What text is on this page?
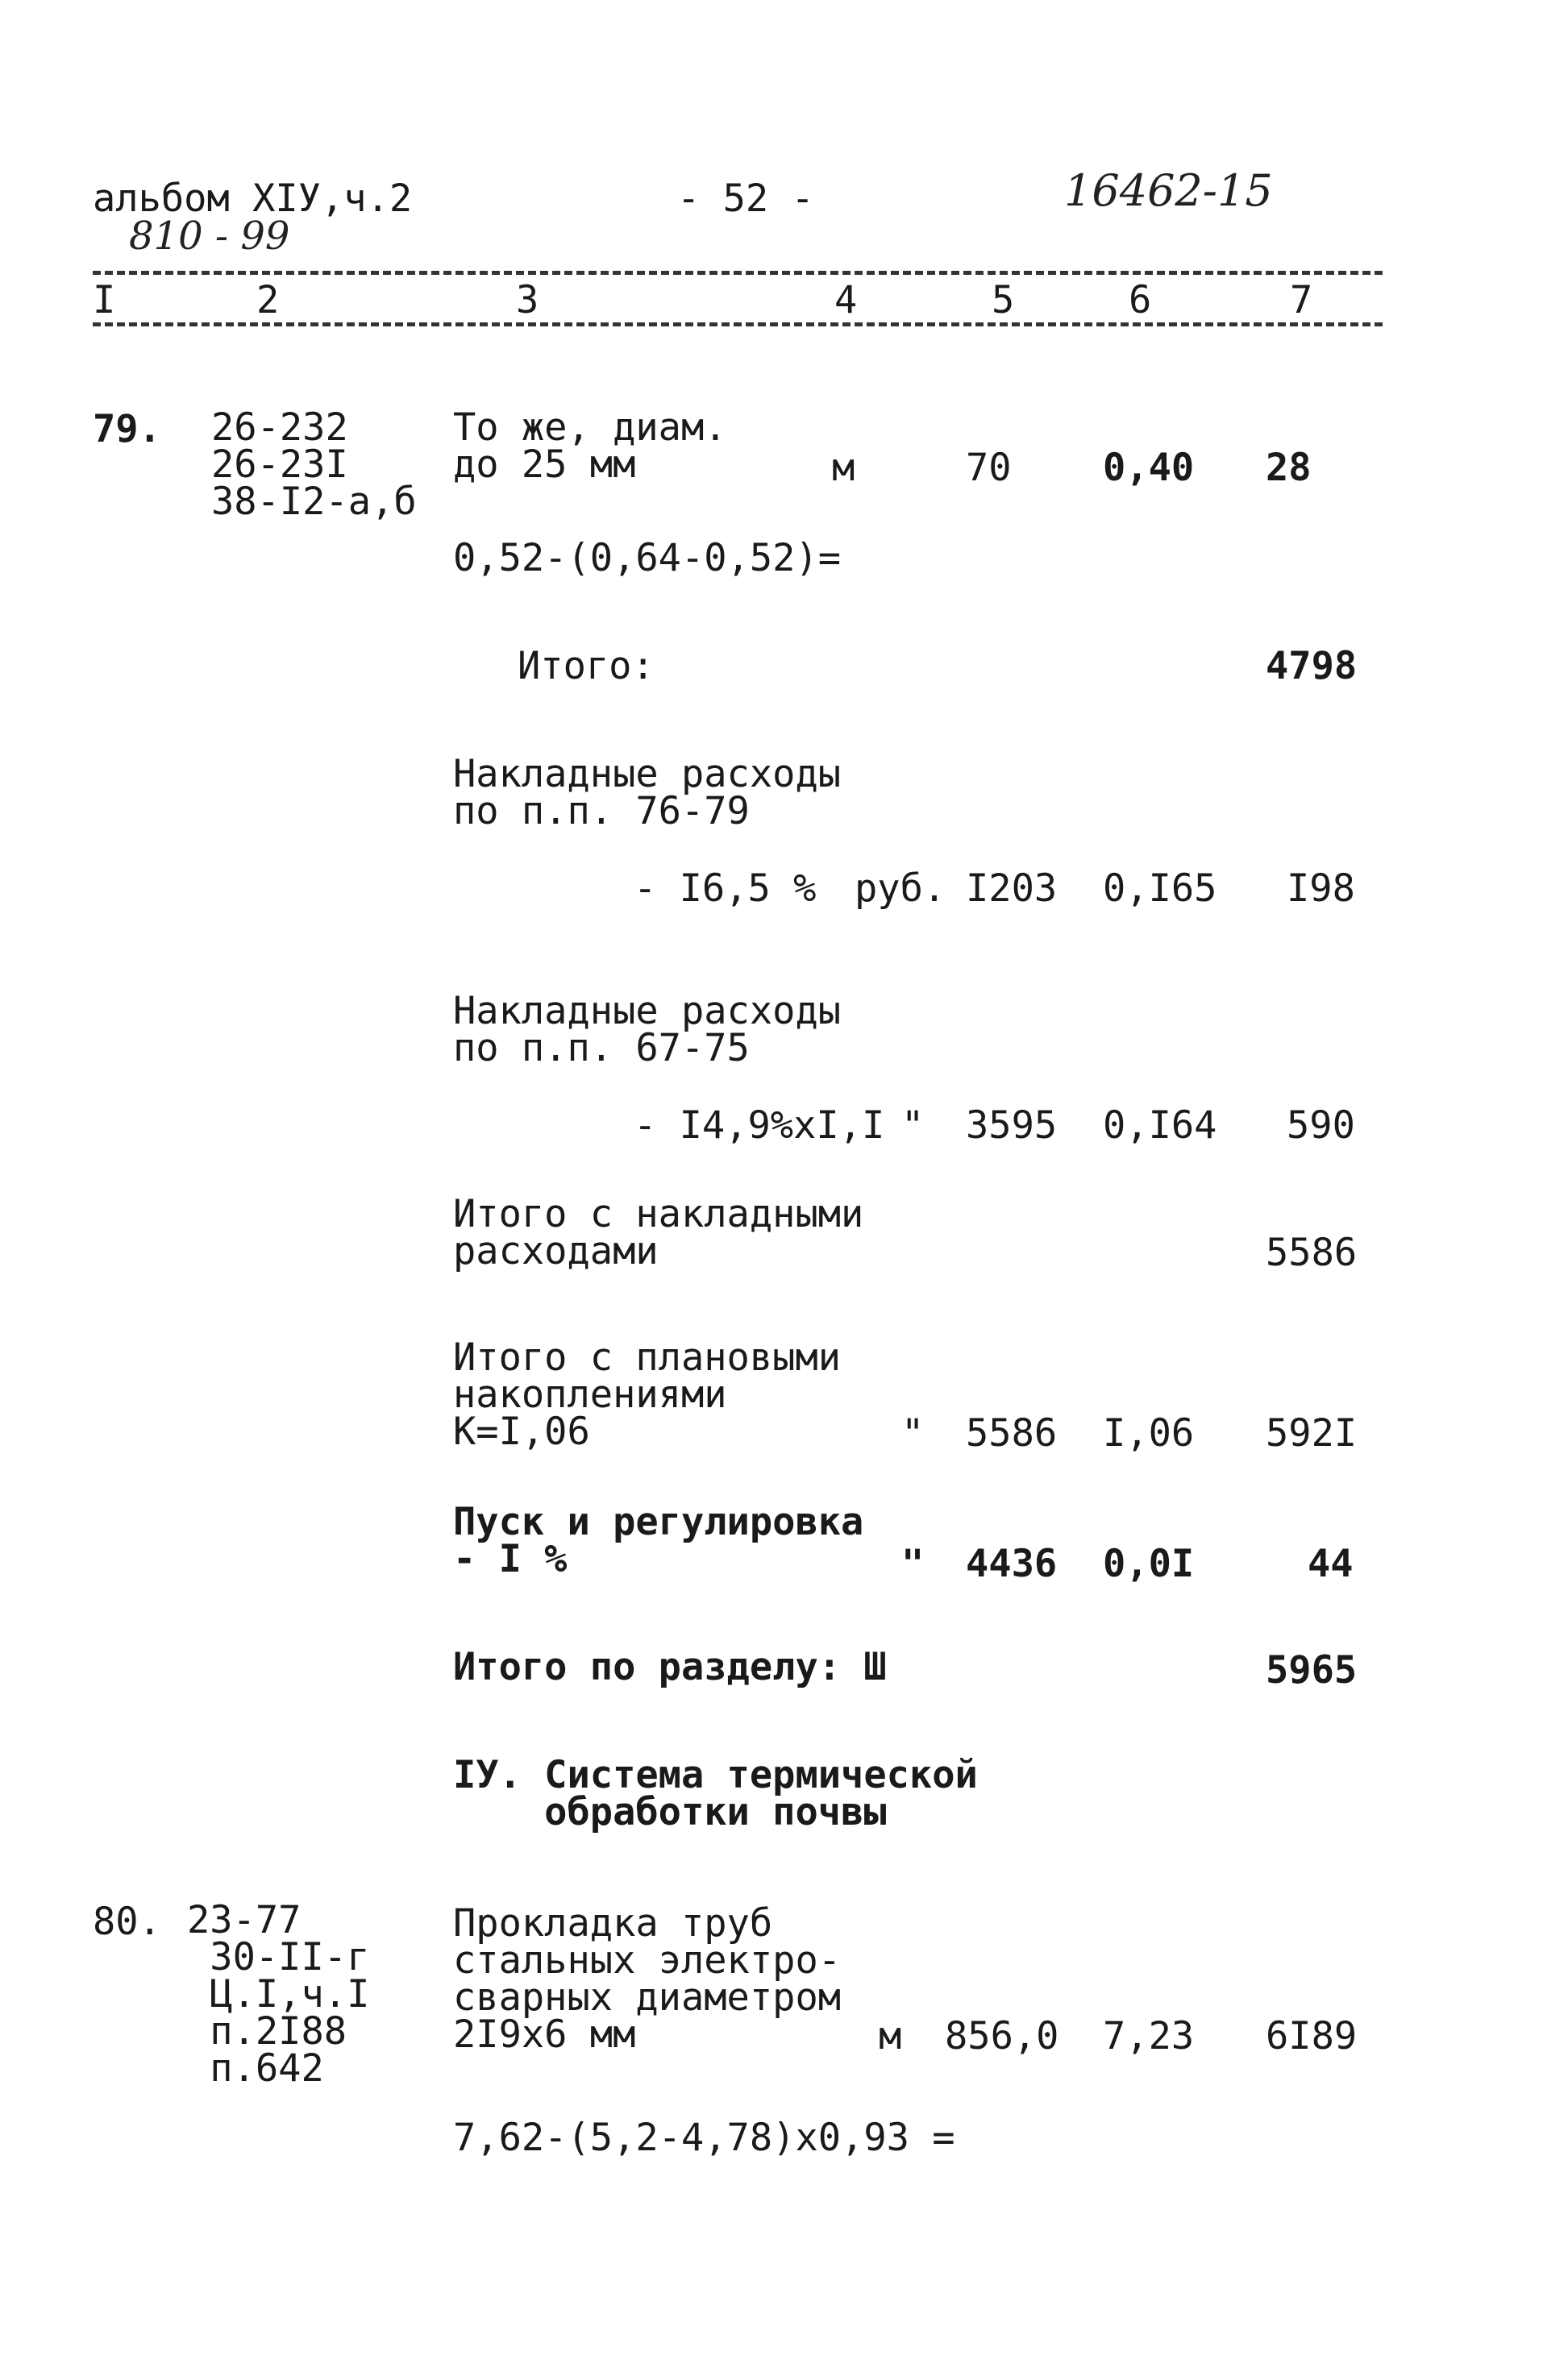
альбом XIУ,ч.2
810 - 99
- 52 -	16462-15
I	2	3	4	5	6	7
79. 26-232
26-23I
38-I2-а,б
То же, диам.
до 25 мм	м	70 0,40 28
0,52-(0,64-0,52)=
Итого:	4798
Накладные расходы
по п.п. 76-79
- I6,5 % руб. I203 0,I65 I98
Накладные расходы
по п.п. 67-75
- I4,9%xI,I " 3595 0,I64 590
Итого с накладными
расходами	5586
Итого с плановыми
накоплениями
К=I,06	" 5586 I,06 592I
Пуск и регулировка
- I %	" 4436 0,0I	44
Итого по разделу: Ш	5965
IУ. Система термической
обработки почвы
80. 23-77
30-II-г
Ц.I,ч.I
п.2I88
п.642
Прокладка труб
стальных электро-
сварных диаметром
2I9x6 мм	м 856,0 7,23 6I89
7,62-(5,2-4,78)x0,93 =
